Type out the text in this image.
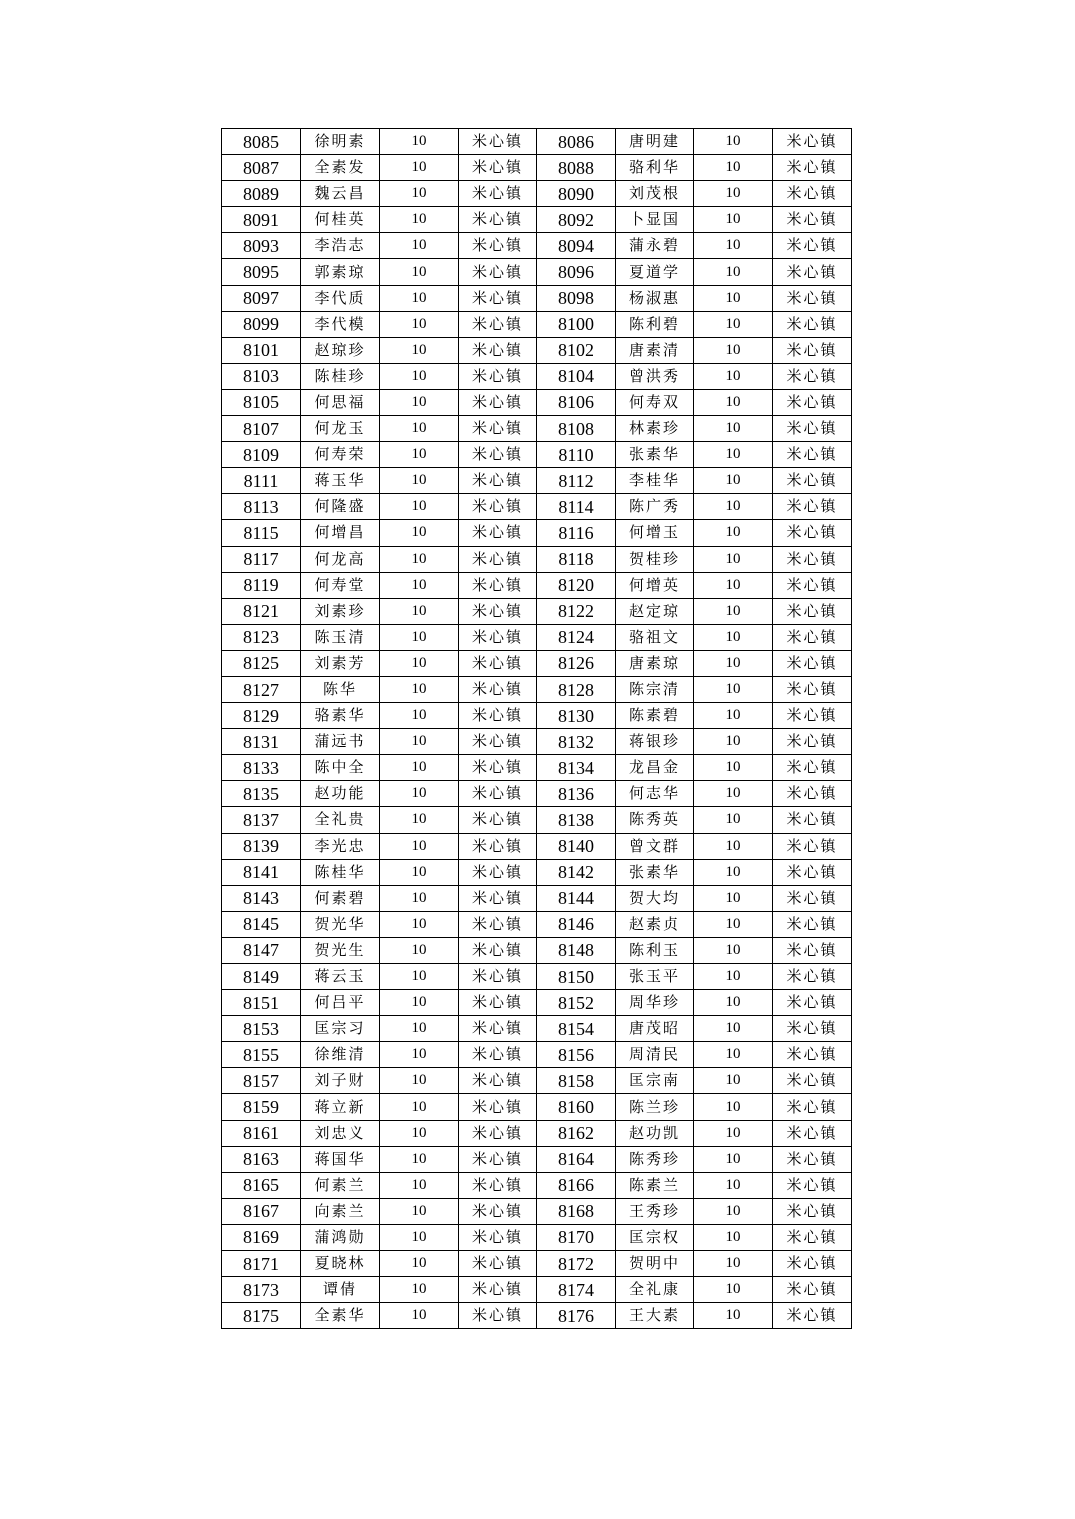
8085	徐明素	10	米心镇	8086	唐明建	10	米心镇
8087	全素发	10	米心镇	8088	骆利华	10	米心镇
8089	魏云昌	10	米心镇	8090	刘茂根	10	米心镇
8091	何桂英	10	米心镇	8092	卜显国	10	米心镇
8093	李浩志	10	米心镇	8094	蒲永碧	10	米心镇
8095	郭素琼	10	米心镇	8096	夏道学	10	米心镇
8097	李代质	10	米心镇	8098	杨淑惠	10	米心镇
8099	李代模	10	米心镇	8100	陈利碧	10	米心镇
8101	赵琼珍	10	米心镇	8102	唐素清	10	米心镇
8103	陈桂珍	10	米心镇	8104	曾洪秀	10	米心镇
8105	何思福	10	米心镇	8106	何寿双	10	米心镇
8107	何龙玉	10	米心镇	8108	林素珍	10	米心镇
8109	何寿荣	10	米心镇	8110	张素华	10	米心镇
8111	蒋玉华	10	米心镇	8112	李桂华	10	米心镇
8113	何隆盛	10	米心镇	8114	陈广秀	10	米心镇
8115	何增昌	10	米心镇	8116	何增玉	10	米心镇
8117	何龙高	10	米心镇	8118	贺桂珍	10	米心镇
8119	何寿堂	10	米心镇	8120	何增英	10	米心镇
8121	刘素珍	10	米心镇	8122	赵定琼	10	米心镇
8123	陈玉清	10	米心镇	8124	骆祖文	10	米心镇
8125	刘素芳	10	米心镇	8126	唐素琼	10	米心镇
8127	陈华	10	米心镇	8128	陈宗清	10	米心镇
8129	骆素华	10	米心镇	8130	陈素碧	10	米心镇
8131	蒲远书	10	米心镇	8132	蒋银珍	10	米心镇
8133	陈中全	10	米心镇	8134	龙昌金	10	米心镇
8135	赵功能	10	米心镇	8136	何志华	10	米心镇
8137	全礼贵	10	米心镇	8138	陈秀英	10	米心镇
8139	李光忠	10	米心镇	8140	曾文群	10	米心镇
8141	陈桂华	10	米心镇	8142	张素华	10	米心镇
8143	何素碧	10	米心镇	8144	贺大均	10	米心镇
8145	贺光华	10	米心镇	8146	赵素贞	10	米心镇
8147	贺光生	10	米心镇	8148	陈利玉	10	米心镇
8149	蒋云玉	10	米心镇	8150	张玉平	10	米心镇
8151	何吕平	10	米心镇	8152	周华珍	10	米心镇
8153	匡宗习	10	米心镇	8154	唐茂昭	10	米心镇
8155	徐维清	10	米心镇	8156	周清民	10	米心镇
8157	刘子财	10	米心镇	8158	匡宗南	10	米心镇
8159	蒋立新	10	米心镇	8160	陈兰珍	10	米心镇
8161	刘忠义	10	米心镇	8162	赵功凯	10	米心镇
8163	蒋国华	10	米心镇	8164	陈秀珍	10	米心镇
8165	何素兰	10	米心镇	8166	陈素兰	10	米心镇
8167	向素兰	10	米心镇	8168	王秀珍	10	米心镇
8169	蒲鸿勋	10	米心镇	8170	匡宗权	10	米心镇
8171	夏晓林	10	米心镇	8172	贺明中	10	米心镇
8173	谭倩	10	米心镇	8174	全礼康	10	米心镇
8175	全素华	10	米心镇	8176	王大素	10	米心镇
